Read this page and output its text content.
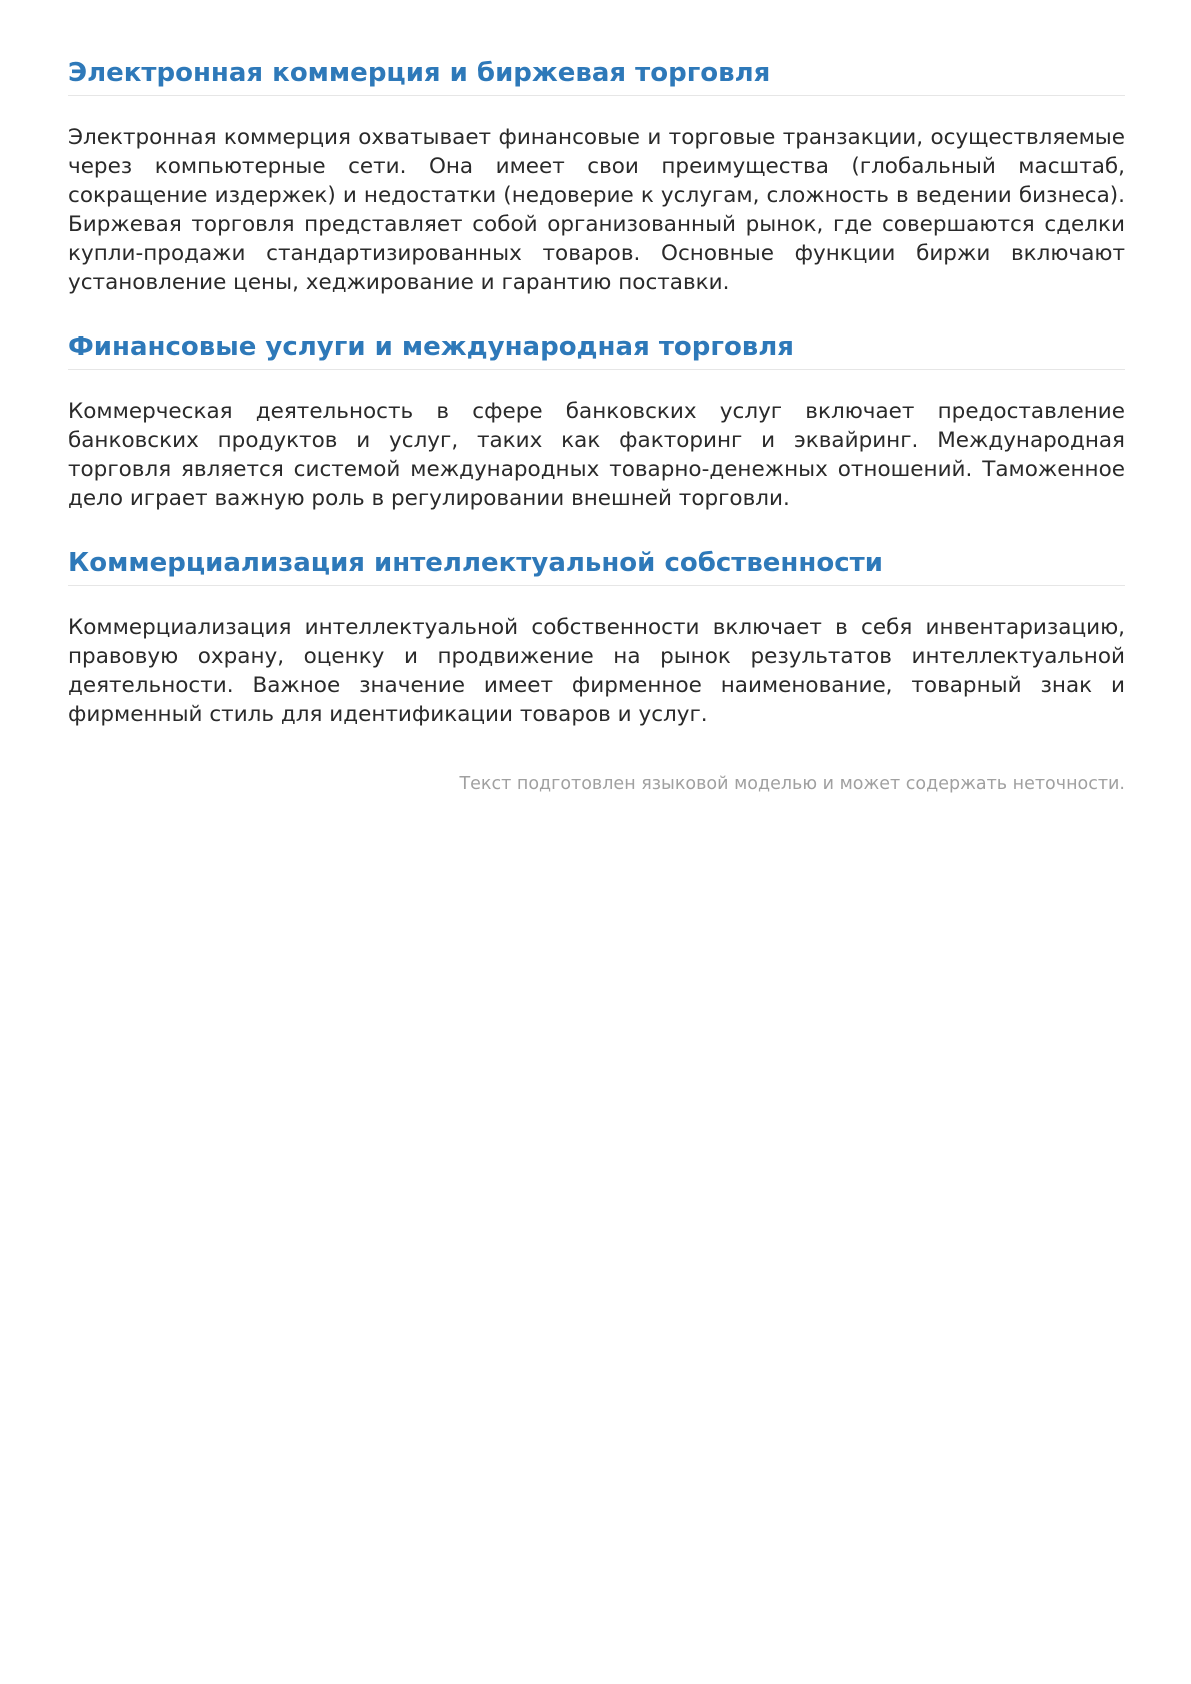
Электронная коммерция и биржевая торговля

Электронная коммерция охватывает финансовые и торговые транзакции, осуществляемые через компьютерные сети. Она имеет свои преимущества (глобальный масштаб, сокращение издержек) и недостатки (недоверие к услугам, сложность в ведении бизнеса). Биржевая торговля представляет собой организованный рынок, где совершаются сделки купли-продажи стандартизированных товаров. Основные функции биржи включают установление цены, хеджирование и гарантию поставки.

Финансовые услуги и международная торговля

Коммерческая деятельность в сфере банковских услуг включает предоставление банковских продуктов и услуг, таких как факторинг и эквайринг. Международная торговля является системой международных товарно-денежных отношений. Таможенное дело играет важную роль в регулировании внешней торговли.

Коммерциализация интеллектуальной собственности

Коммерциализация интеллектуальной собственности включает в себя инвентаризацию, правовую охрану, оценку и продвижение на рынок результатов интеллектуальной деятельности. Важное значение имеет фирменное наименование, товарный знак и фирменный стиль для идентификации товаров и услуг.

Текст подготовлен языковой моделью и может содержать неточности.
